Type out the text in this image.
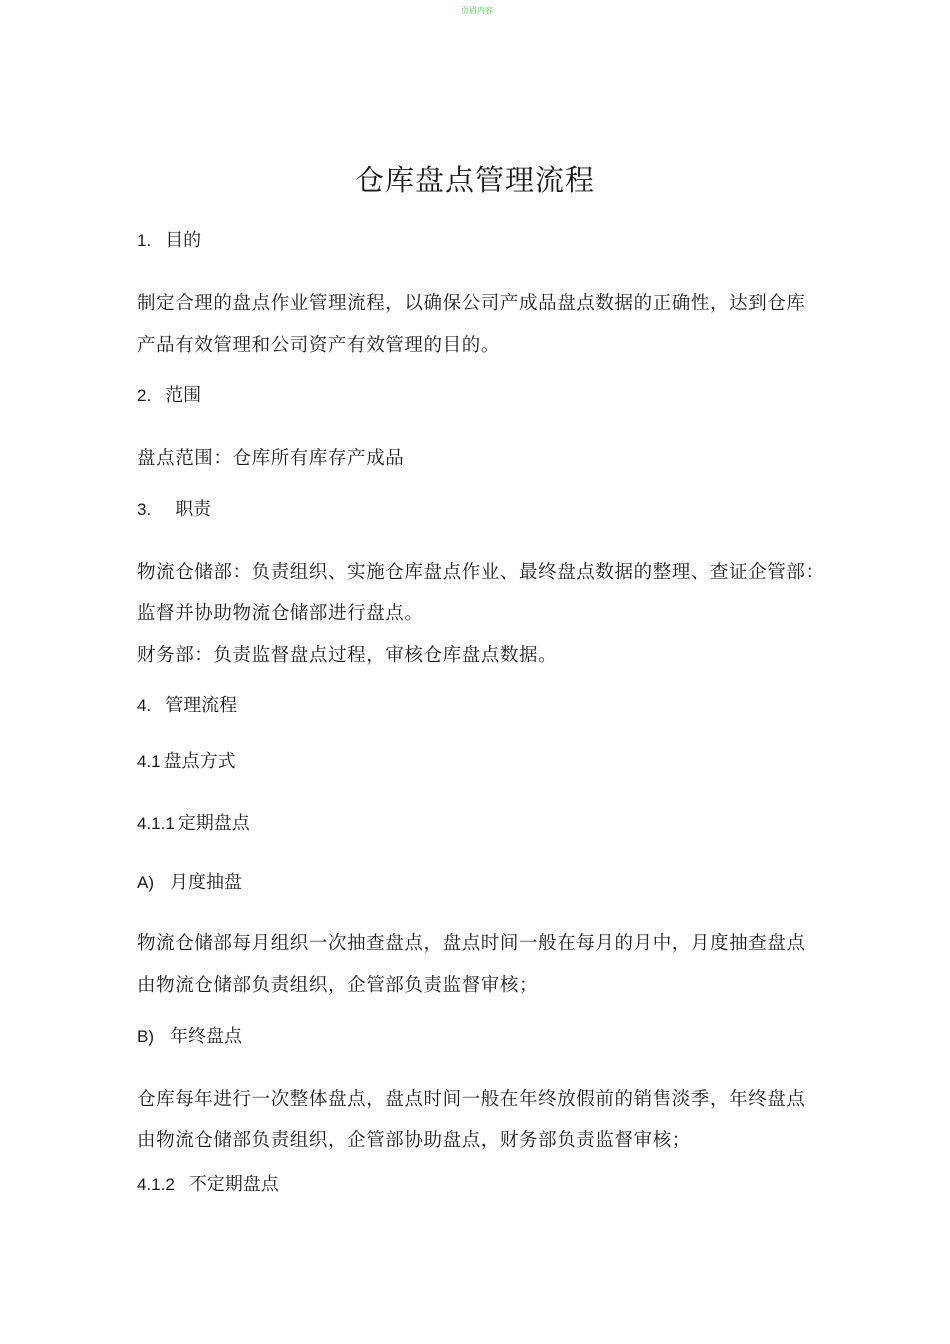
页眉内容
仓库盘点管理流程
1. 目的
制定合理的盘点作业管理流程，以确保公司产成品盘点数据的正确性，达到仓库
产品有效管理和公司资产有效管理的目的。
2. 范围
盘点范围：仓库所有库存产成品
3. 职责
物流仓储部：负责组织、实施仓库盘点作业、最终盘点数据的整理、查证企管部：
监督并协助物流仓储部进行盘点。
财务部：负责监督盘点过程，审核仓库盘点数据。
4. 管理流程
4.1 盘点方式
4.1.1 定期盘点
A) 月度抽盘
物流仓储部每月组织一次抽查盘点，盘点时间一般在每月的月中，月度抽查盘点
由物流仓储部负责组织，企管部负责监督审核；
B) 年终盘点
仓库每年进行一次整体盘点，盘点时间一般在年终放假前的销售淡季，年终盘点
由物流仓储部负责组织，企管部协助盘点，财务部负责监督审核；
4.1.2 不定期盘点
